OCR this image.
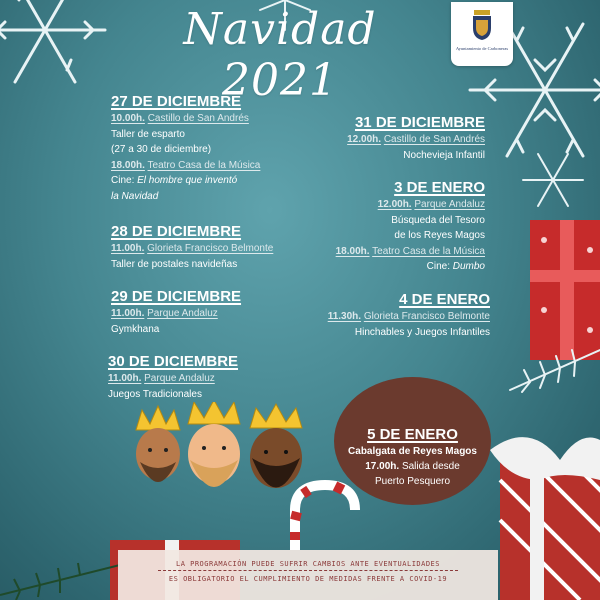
Ayuntamiento de Carboneras
Navidad 2021
27 DE DICIEMBRE
10.00h. Castillo de San Andrés
Taller de esparto
(27 a 30 de diciembre)
18.00h. Teatro Casa de la Música
Cine: El hombre que inventó
la Navidad
28 DE DICIEMBRE
11.00h. Glorieta Francisco Belmonte
Taller de postales navideñas
29 DE DICIEMBRE
11.00h. Parque Andaluz
Gymkhana
30 DE DICIEMBRE
11.00h. Parque Andaluz
Juegos Tradicionales
31 DE DICIEMBRE
12.00h. Castillo de San Andrés
Nochevieja Infantil
3 DE ENERO
12.00h. Parque Andaluz
Búsqueda del Tesoro
de los Reyes Magos
18.00h. Teatro Casa de la Música
Cine: Dumbo
4 DE ENERO
11.30h. Glorieta Francisco Belmonte
Hinchables y Juegos Infantiles
5 DE ENERO
Cabalgata de Reyes Magos
17.00h. Salida desde
Puerto Pesquero
LA PROGRAMACIÓN PUEDE SUFRIR CAMBIOS ANTE EVENTUALIDADES
ES OBLIGATORIO EL CUMPLIMIENTO DE MEDIDAS FRENTE A COVID-19
